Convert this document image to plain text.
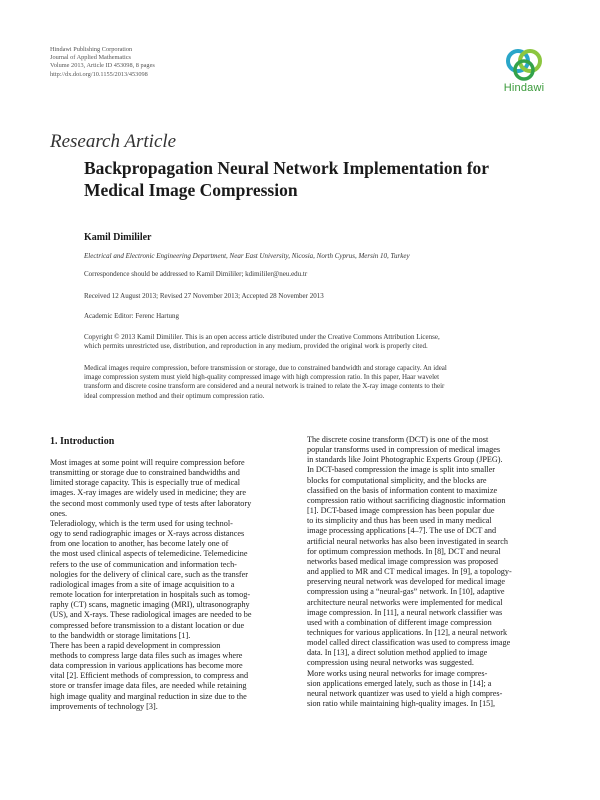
Hindawi Publishing Corporation
Journal of Applied Mathematics
Volume 2013, Article ID 453098, 8 pages
http://dx.doi.org/10.1155/2013/453098
Hindawi
Research Article
Backpropagation Neural Network Implementation for
Medical Image Compression
Kamil Dimililer
Electrical and Electronic Engineering Department, Near East University, Nicosia, North Cyprus, Mersin 10, Turkey
Correspondence should be addressed to Kamil Dimililer; kdimililer@neu.edu.tr
Received 12 August 2013; Revised 27 November 2013; Accepted 28 November 2013
Academic Editor: Ferenc Hartung
Copyright © 2013 Kamil Dimililer. This is an open access article distributed under the Creative Commons Attribution License,
which permits unrestricted use, distribution, and reproduction in any medium, provided the original work is properly cited.
Medical images require compression, before transmission or storage, due to constrained bandwidth and storage capacity. An ideal
image compression system must yield high-quality compressed image with high compression ratio. In this paper, Haar wavelet
transform and discrete cosine transform are considered and a neural network is trained to relate the X-ray image contents to their
ideal compression method and their optimum compression ratio.
1. Introduction
Most images at some point will require compression before
transmitting or storage due to constrained bandwidths and
limited storage capacity. This is especially true of medical
images. X-ray images are widely used in medicine; they are
the second most commonly used type of tests after laboratory
ones.
Teleradiology, which is the term used for using technol-
ogy to send radiographic images or X-rays across distances
from one location to another, has become lately one of
the most used clinical aspects of telemedicine. Telemedicine
refers to the use of communication and information tech-
nologies for the delivery of clinical care, such as the transfer
radiological images from a site of image acquisition to a
remote location for interpretation in hospitals such as tomog-
raphy (CT) scans, magnetic imaging (MRI), ultrasonography
(US), and X-rays. These radiological images are needed to be
compressed before transmission to a distant location or due
to the bandwidth or storage limitations [1].
There has been a rapid development in compression
methods to compress large data files such as images where
data compression in various applications has become more
vital [2]. Efficient methods of compression, to compress and
store or transfer image data files, are needed while retaining
high image quality and marginal reduction in size due to the
improvements of technology [3].
The discrete cosine transform (DCT) is one of the most
popular transforms used in compression of medical images
in standards like Joint Photographic Experts Group (JPEG).
In DCT-based compression the image is split into smaller
blocks for computational simplicity, and the blocks are
classified on the basis of information content to maximize
compression ratio without sacrificing diagnostic information
[1]. DCT-based image compression has been popular due
to its simplicity and thus has been used in many medical
image processing applications [4–7]. The use of DCT and
artificial neural networks has also been investigated in search
for optimum compression methods. In [8], DCT and neural
networks based medical image compression was proposed
and applied to MR and CT medical images. In [9], a topology-
preserving neural network was developed for medical image
compression using a “neural-gas” network. In [10], adaptive
architecture neural networks were implemented for medical
image compression. In [11], a neural network classifier was
used with a combination of different image compression
techniques for various applications. In [12], a neural network
model called direct classification was used to compress image
data. In [13], a direct solution method applied to image
compression using neural networks was suggested.
More works using neural networks for image compres-
sion applications emerged lately, such as those in [14]; a
neural network quantizer was used to yield a high compres-
sion ratio while maintaining high-quality images. In [15],
